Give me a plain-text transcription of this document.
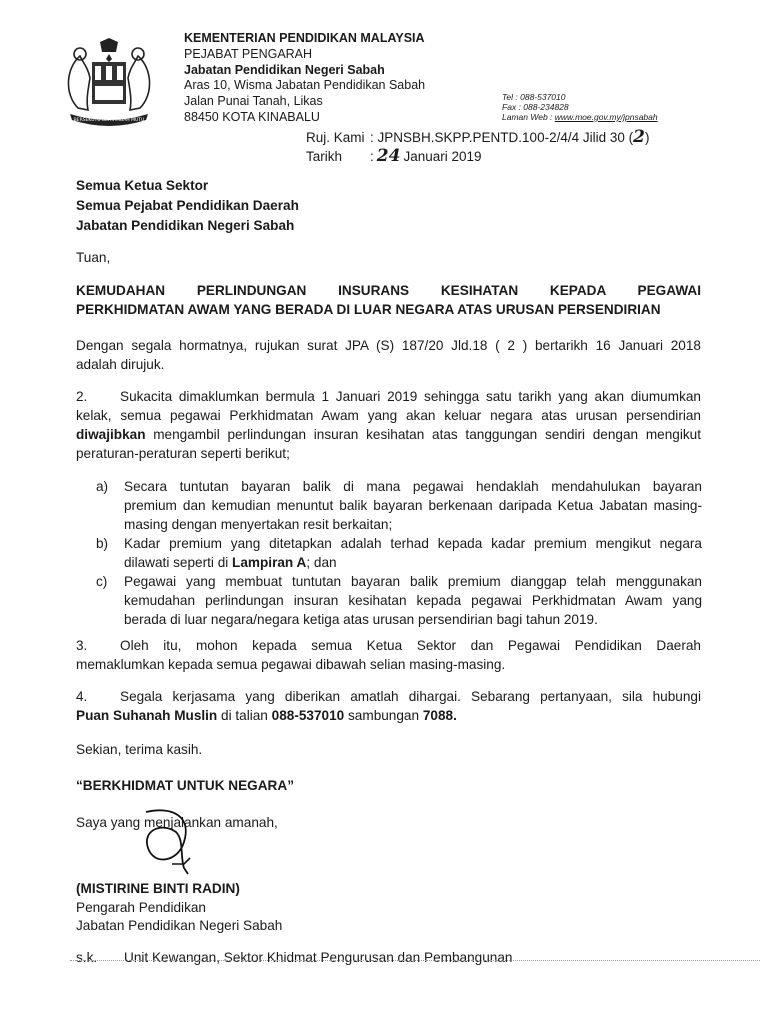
BERSEKUTU BERTAMBAH MUTU
KEMENTERIAN PENDIDIKAN MALAYSIA
PEJABAT PENGARAH
Jabatan Pendidikan Negeri Sabah
Aras 10, Wisma Jabatan Pendidikan Sabah
Jalan Punai Tanah, Likas
88450 KOTA KINABALU
Tel : 088-537010
Fax : 088-234828
Laman Web : www.moe.gov.my/jpnsabah
Ruj. Kami : JPNSBH.SKPP.PENTD.100-2/4/4 Jilid 30 (2)
Tarikh : 24 Januari 2019
Semua Ketua Sektor
Semua Pejabat Pendidikan Daerah
Jabatan Pendidikan Negeri Sabah
Tuan,
KEMUDAHAN PERLINDUNGAN INSURANS KESIHATAN KEPADA PEGAWAI
PERKHIDMATAN AWAM YANG BERADA DI LUAR NEGARA ATAS URUSAN PERSENDIRIAN
Dengan segala hormatnya, rujukan surat JPA (S) 187/20 Jld.18 ( 2 ) bertarikh 16 Januari 2018
adalah dirujuk.
2. Sukacita dimaklumkan bermula 1 Januari 2019 sehingga satu tarikh yang akan diumumkan
kelak, semua pegawai Perkhidmatan Awam yang akan keluar negara atas urusan persendirian
diwajibkan mengambil perlindungan insuran kesihatan atas tanggungan sendiri dengan mengikut
peraturan-peraturan seperti berikut;
a) Secara tuntutan bayaran balik di mana pegawai hendaklah mendahulukan bayaran
premium dan kemudian menuntut balik bayaran berkenaan daripada Ketua Jabatan masing-
masing dengan menyertakan resit berkaitan;
b) Kadar premium yang ditetapkan adalah terhad kepada kadar premium mengikut negara
dilawati seperti di Lampiran A; dan
c) Pegawai yang membuat tuntutan bayaran balik premium dianggap telah menggunakan
kemudahan perlindungan insuran kesihatan kepada pegawai Perkhidmatan Awam yang
berada di luar negara/negara ketiga atas urusan persendirian bagi tahun 2019.
3. Oleh itu, mohon kepada semua Ketua Sektor dan Pegawai Pendidikan Daerah
memaklumkan kepada semua pegawai dibawah selian masing-masing.
4. Segala kerjasama yang diberikan amatlah dihargai. Sebarang pertanyaan, sila hubungi
Puan Suhanah Muslin di talian 088-537010 sambungan 7088.
Sekian, terima kasih.
“BERKHIDMAT UNTUK NEGARA”
Saya yang menjalankan amanah,
(MISTIRINE BINTI RADIN)
Pengarah Pendidikan
Jabatan Pendidikan Negeri Sabah
s.k. Unit Kewangan, Sektor Khidmat Pengurusan dan Pembangunan
